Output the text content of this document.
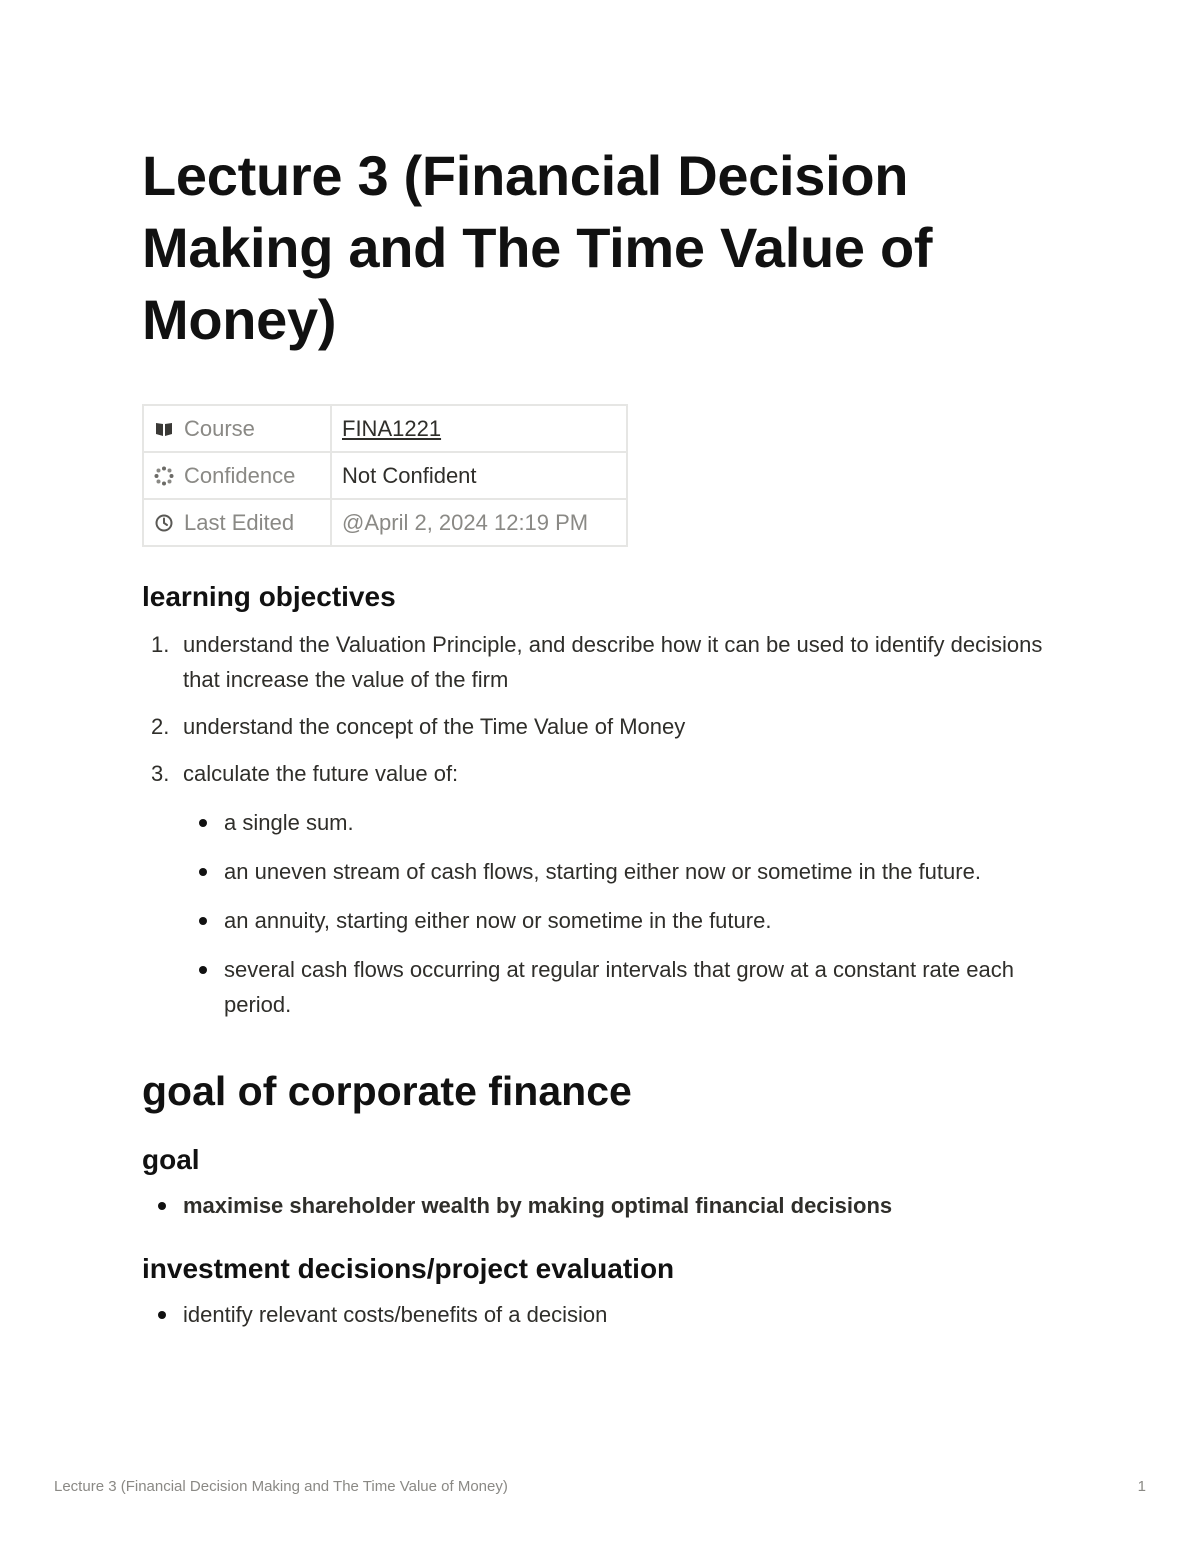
Lecture 3 (Financial Decision Making and The Time Value of Money)
Course	FINA1221
Confidence	Not Confident
Last Edited	@April 2, 2024 12:19 PM
learning objectives
1. understand the Valuation Principle, and describe how it can be used to identify decisions that increase the value of the firm
2. understand the concept of the Time Value of Money
3. calculate the future value of:
a single sum.
an uneven stream of cash flows, starting either now or sometime in the future.
an annuity, starting either now or sometime in the future.
several cash flows occurring at regular intervals that grow at a constant rate each period.
goal of corporate finance
goal
maximise shareholder wealth by making optimal financial decisions
investment decisions/project evaluation
identify relevant costs/benefits of a decision
Lecture 3 (Financial Decision Making and The Time Value of Money)	1
